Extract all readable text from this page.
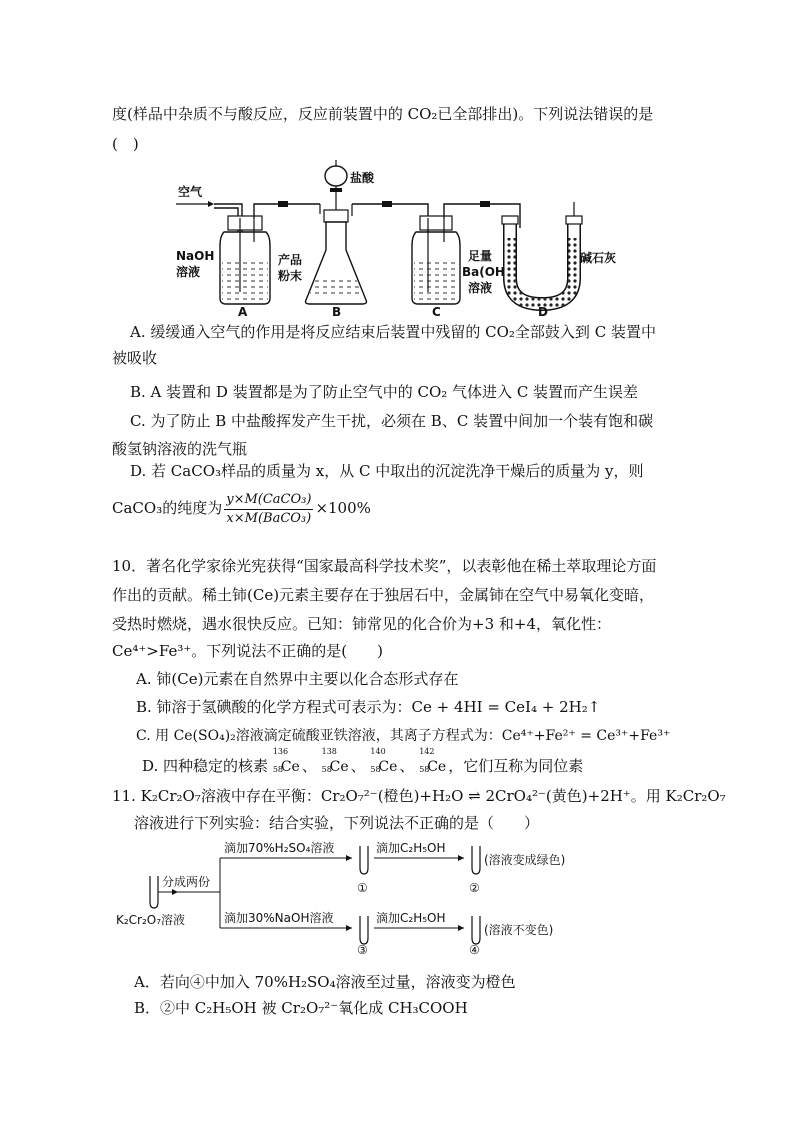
度(样品中杂质不与酸反应，反应前装置中的 CO₂已全部排出)。下列说法错误的是
(　)
空气
NaOH
溶液
A
盐酸
产品
粉末
B
足量
Ba(OH)₂
溶液
C
碱石灰
D
A. 缓缓通入空气的作用是将反应结束后装置中残留的 CO₂全部鼓入到 C 装置中
被吸收
B. A 装置和 D 装置都是为了防止空气中的 CO₂ 气体进入 C 装置而产生误差
C. 为了防止 B 中盐酸挥发产生干扰，必须在 B、C 装置中间加一个装有饱和碳
酸氢钠溶液的洗气瓶
D. 若 CaCO₃样品的质量为 x，从 C 中取出的沉淀洗净干燥后的质量为 y，则
CaCO₃的纯度为 $\frac{\text{y×M(CaCO₃)}}{\text{x×M(BaCO₃)}} \times 100\%$
10．著名化学家徐光宪获得“国家最高科学技术奖”，以表彰他在稀土萃取理论方面
作出的贡献。稀土铈(Ce)元素主要存在于独居石中，金属铈在空气中易氧化变暗，
受热时燃烧，遇水很快反应。已知：铈常见的化合价为+3 和+4，氧化性：
Ce⁴⁺>Fe³⁺。下列说法不正确的是(　　)
A. 铈(Ce)元素在自然界中主要以化合态形式存在
B. 铈溶于氢碘酸的化学方程式可表示为：Ce + 4HI = CeI₄ + 2H₂↑
C. 用 Ce(SO₄)₂溶液滴定硫酸亚铁溶液，其离子方程式为：Ce⁴⁺+Fe²⁺ = Ce³⁺+Fe³⁺
D. 四种稳定的核素
136
58
Ce 、
138
58
Ce 、
140
58
Ce 、
142
58
Ce ，它们互称为同位素
11. K₂Cr₂O₇溶液中存在平衡：Cr₂O₇²⁻(橙色)+H₂O ⇌ 2CrO₄²⁻(黄色)+2H⁺。用 K₂Cr₂O₇
溶液进行下列实验：结合实验，下列说法不正确的是（　　）
K₂Cr₂O₇溶液
分成两份
滴加70%H₂SO₄溶液
滴加30%NaOH溶液
①
滴加C₂H₅OH
②
(溶液变成绿色)
③
滴加C₂H₅OH
④
(溶液不变色)
A．若向④中加入 70%H₂SO₄溶液至过量，溶液变为橙色
B．②中 C₂H₅OH 被 Cr₂O₇²⁻氧化成 CH₃COOH
